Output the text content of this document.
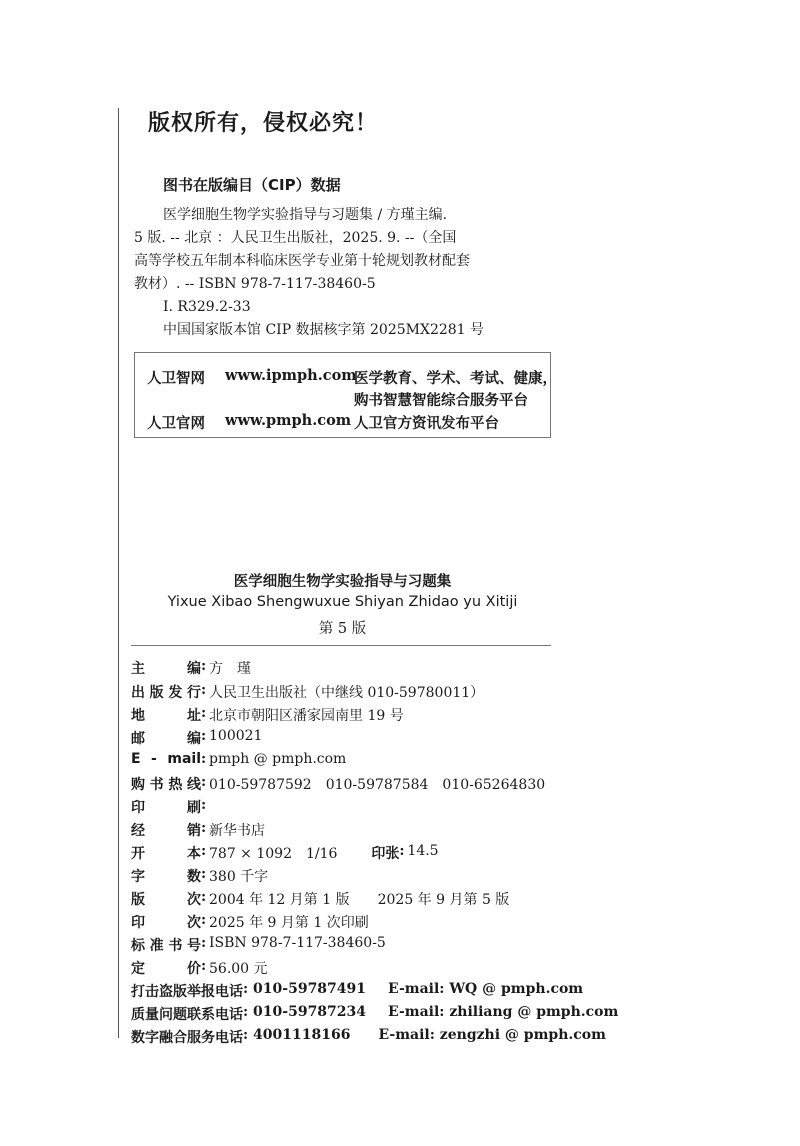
版权所有，侵权必究！
图书在版编目（CIP）数据
医学细胞生物学实验指导与习题集 / 方瑾主编.
5 版. -- 北京 ：人民卫生出版社，2025. 9. --（全国
高等学校五年制本科临床医学专业第十轮规划教材配套
教材）. -- ISBN 978-7-117-38460-5
Ⅰ. R329.2-33
中国国家版本馆 CIP 数据核字第 2025MX2281 号
人卫智网 www.ipmph.com
医学教育、学术、考试、健康，
购书智慧智能综合服务平台
人卫官网 www.pmph.com 人卫官方资讯发布平台
医学细胞生物学实验指导与习题集
Yixue Xibao Shengwuxue Shiyan Zhidao yu Xitiji
第 5 版
主编 : 方　瑾
出版发行 : 人民卫生出版社（中继线 010-59780011）
地址 : 北京市朝阳区潘家园南里 19 号
邮编 : 100021
E - mail : pmph @ pmph.com
购书热线 : 010-59787592　010-59787584　010-65264830
印刷 :
经销 : 新华书店
开本 : 787 × 1092　1/16 印张 : 14.5
字数 : 380 千字
版次 : 2004 年 12 月第 1 版　　2025 年 9 月第 5 版
印次 : 2025 年 9 月第 1 次印刷
标准书号 : ISBN 978-7-117-38460-5
定价 : 56.00 元
打击盗版举报电话 : 010-59787491 E-mail : WQ @ pmph.com
质量问题联系电话 : 010-59787234 E-mail : zhiliang @ pmph.com
数字融合服务电话 : 4001118166 E-mail : zengzhi @ pmph.com
